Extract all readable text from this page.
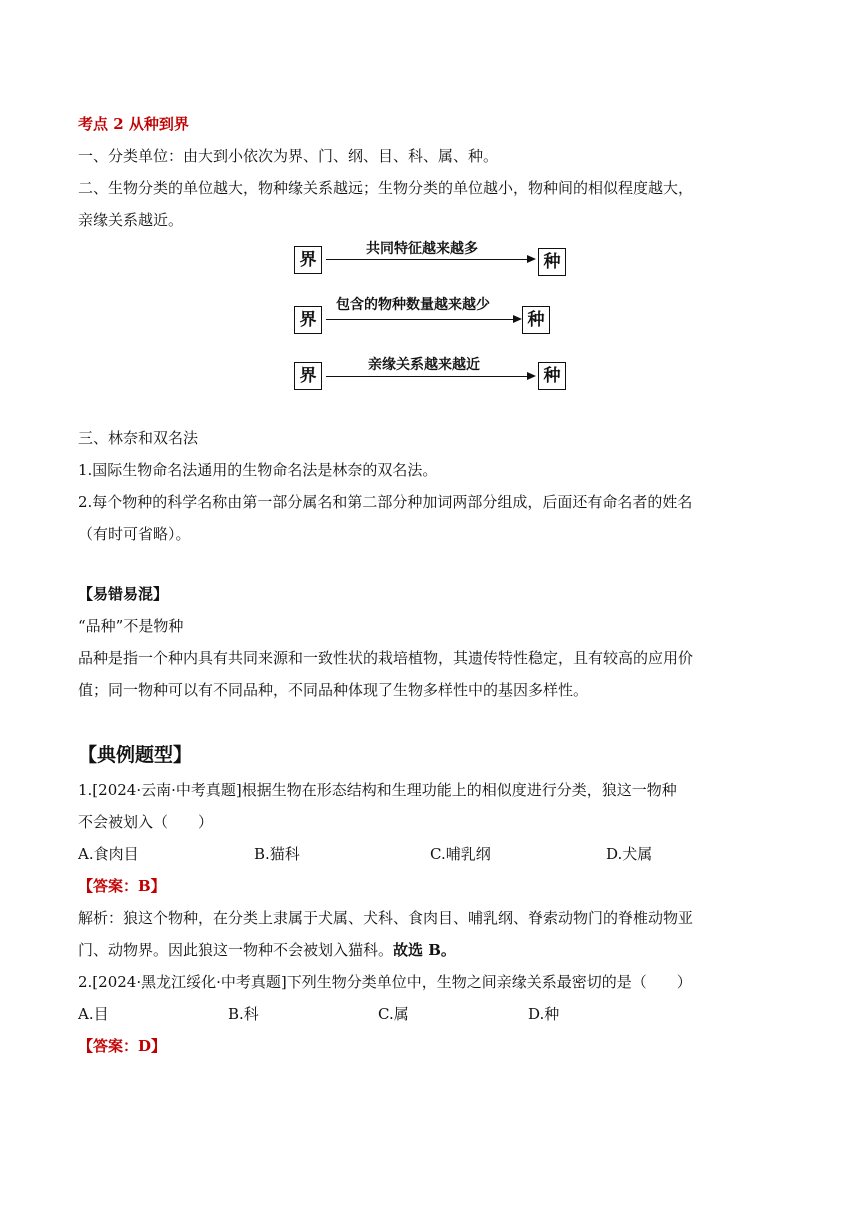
考点 2 从种到界
一、分类单位：由大到小依次为界、门、纲、目、科、属、种。
二、生物分类的单位越大，物种缘关系越远；生物分类的单位越小，物种间的相似程度越大，
亲缘关系越近。
界
共同特征越来越多
种
界
包含的物种数量越来越少
种
界
亲缘关系越来越近
种
三、林奈和双名法
1.国际生物命名法通用的生物命名法是林奈的双名法。
2.每个物种的科学名称由第一部分属名和第二部分种加词两部分组成，后面还有命名者的姓名
（有时可省略）。
【易错易混】
“品种”不是物种
品种是指一个种内具有共同来源和一致性状的栽培植物，其遗传特性稳定，且有较高的应用价
值；同一物种可以有不同品种，不同品种体现了生物多样性中的基因多样性。
【典例题型】
1.[2024·云南·中考真题]根据生物在形态结构和生理功能上的相似度进行分类，狼这一物种
不会被划入（　　）
A.食肉目	B.猫科	C.哺乳纲	D.犬属
【答案：B】
解析：狼这个物种，在分类上隶属于犬属、犬科、食肉目、哺乳纲、脊索动物门的脊椎动物亚
门、动物界。因此狼这一物种不会被划入猫科。故选 B。
2.[2024·黑龙江绥化·中考真题]下列生物分类单位中，生物之间亲缘关系最密切的是（　　）
A.目	B.科	C.属	D.种
【答案：D】
